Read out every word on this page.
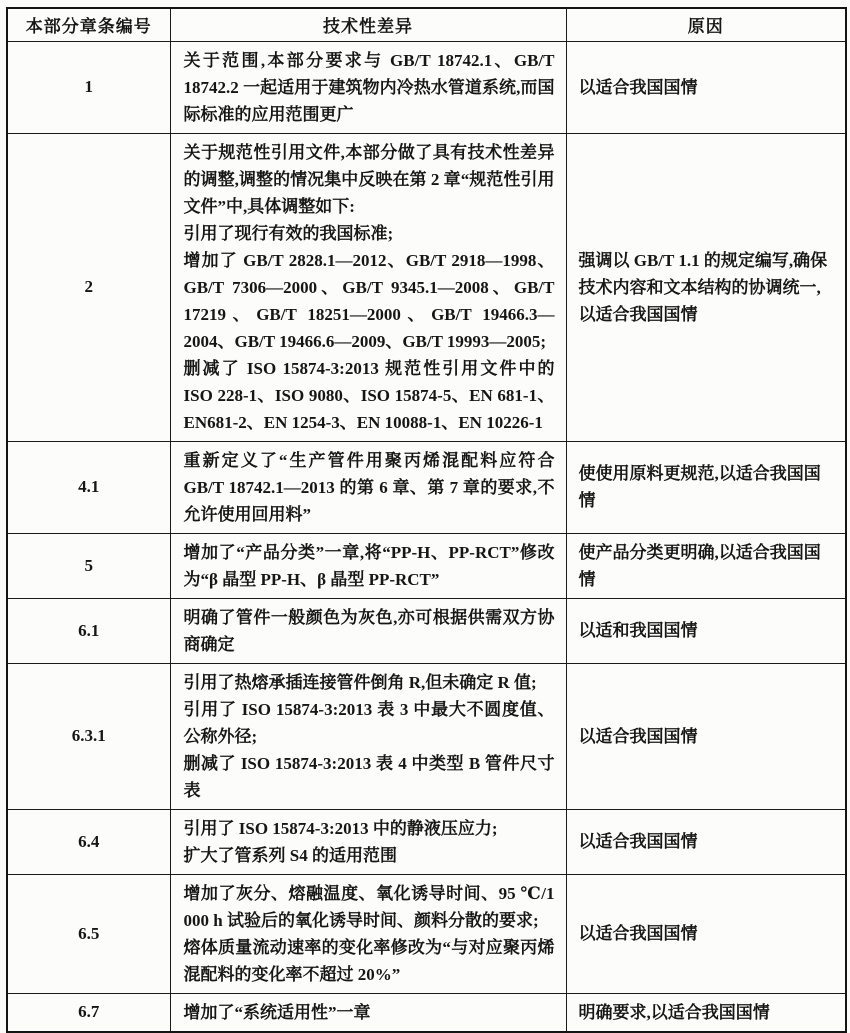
本部分章条编号	技术性差异	原因
1	关于范围,本部分要求与 GB/T 18742.1、GB/T 18742.2 一起适用于建筑物内冷热水管道系统,而国际标准的应用范围更广	以适合我国国情
2	关于规范性引用文件,本部分做了具有技术性差异的调整,调整的情况集中反映在第 2 章“规范性引用文件”中,具体调整如下:

引用了现行有效的我国标准;

增加了 GB/T 2828.1—2012、GB/T 2918—1998、GB/T 7306—2000、GB/T 9345.1—2008、GB/T 17219、GB/T 18251—2000、GB/T 19466.3—2004、GB/T 19466.6—2009、GB/T 19993—2005;

删减了 ISO 15874-3:2013 规范性引用文件中的 ISO 228-1、ISO 9080、ISO 15874-5、EN 681-1、EN681-2、EN 1254-3、EN 10088-1、EN 10226-1	强调以 GB/T 1.1 的规定编写,确保技术内容和文本结构的协调统一,以适合我国国情
4.1	重新定义了“生产管件用聚丙烯混配料应符合 GB/T 18742.1—2013 的第 6 章、第 7 章的要求,不允许使用回用料”	使使用原料更规范,以适合我国国情
5	增加了“产品分类”一章,将“PP-H、PP-RCT”修改为“β 晶型 PP-H、β 晶型 PP-RCT”	使产品分类更明确,以适合我国国情
6.1	明确了管件一般颜色为灰色,亦可根据供需双方协商确定	以适和我国国情
6.3.1	引用了热熔承插连接管件倒角 R,但未确定 R 值;

引用了 ISO 15874-3:2013 表 3 中最大不圆度值、公称外径;

删减了 ISO 15874-3:2013 表 4 中类型 B 管件尺寸表	以适合我国国情
6.4	引用了 ISO 15874-3:2013 中的静液压应力;

扩大了管系列 S4 的适用范围	以适合我国国情
6.5	增加了灰分、熔融温度、氧化诱导时间、95 ℃/1 000 h 试验后的氧化诱导时间、颜料分散的要求;

熔体质量流动速率的变化率修改为“与对应聚丙烯混配料的变化率不超过 20%”	以适合我国国情
6.7	增加了“系统适用性”一章	明确要求,以适合我国国情
